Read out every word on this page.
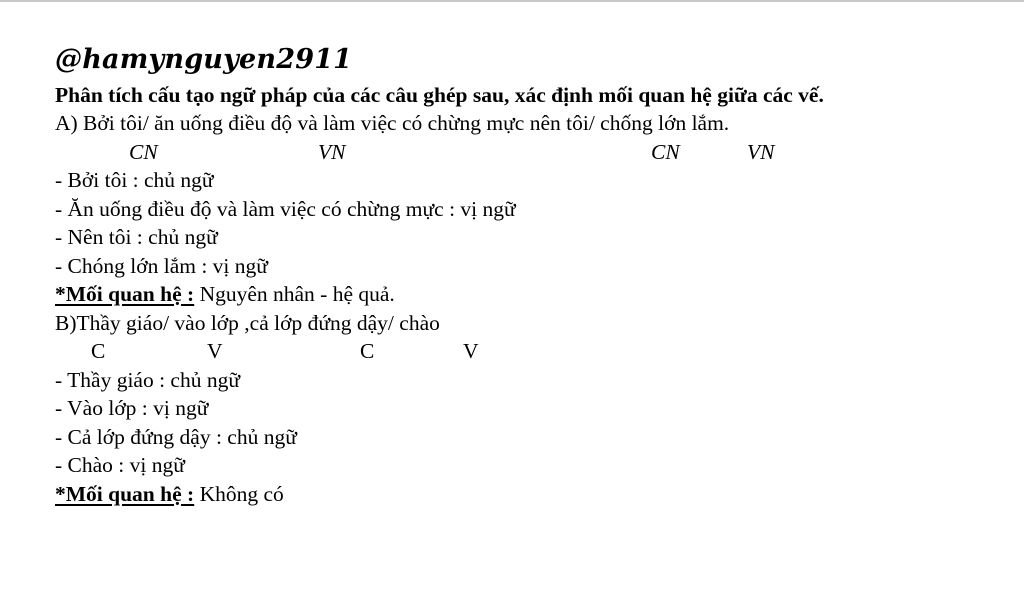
@hamynguyen2911
Phân tích cấu tạo ngữ pháp của các câu ghép sau, xác định mối quan hệ giữa các vế.
A) Bởi tôi/ ăn uống điều độ và làm việc có chừng mực nên tôi/ chống lớn lắm.
CN	VN	CN	VN
- Bởi tôi : chủ ngữ
- Ăn uống điều độ và làm việc có chừng mực : vị ngữ
- Nên tôi : chủ ngữ
- Chóng lớn lắm : vị ngữ
*Mối quan hệ : Nguyên nhân - hệ quả.
B)Thầy giáo/ vào lớp ,cả lớp đứng dậy/ chào
C	V	C	V
- Thầy giáo : chủ ngữ
- Vào lớp : vị ngữ
- Cả lớp đứng dậy : chủ ngữ
- Chào : vị ngữ
*Mối quan hệ : Không có
